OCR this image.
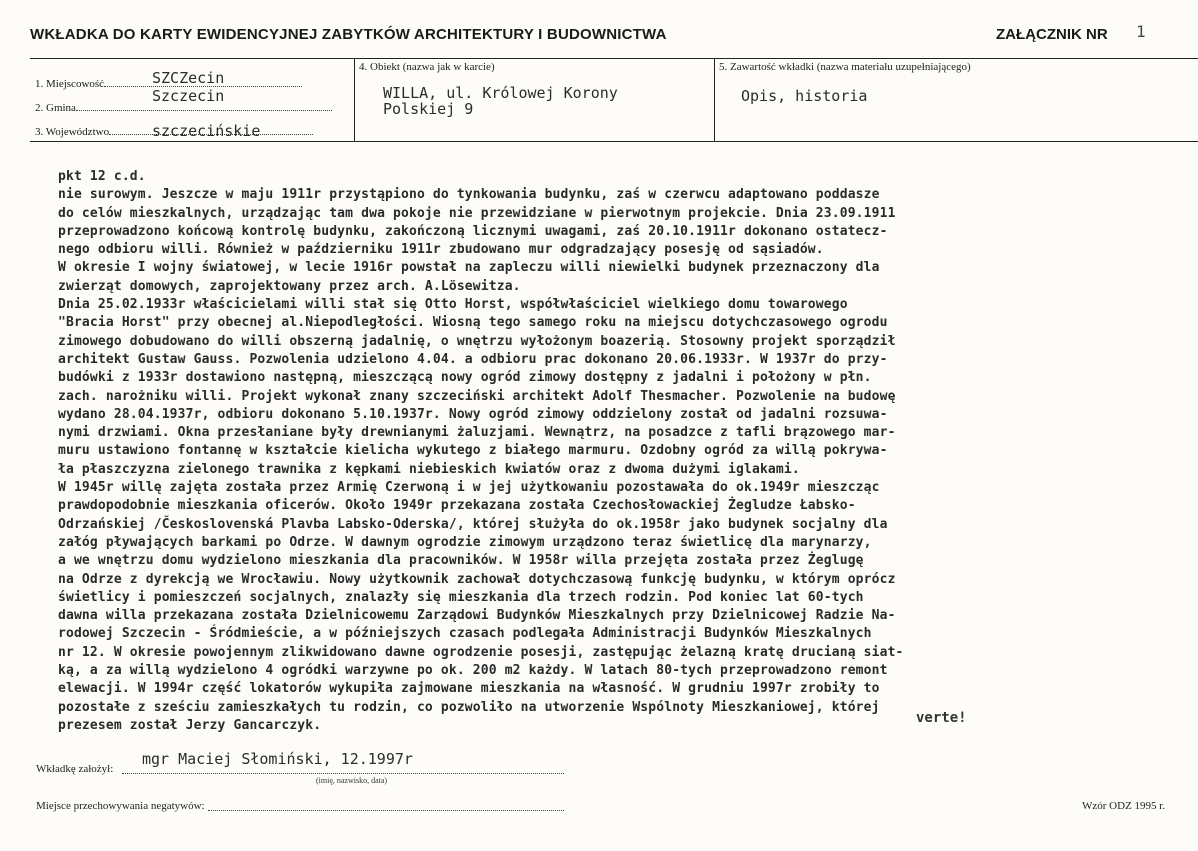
WKŁADKA DO KARTY EWIDENCYJNEJ ZABYTKÓW ARCHITEKTURY I BUDOWNICTWA	ZAŁĄCZNIK NR 1
1. Miejscowość	SZCZecin
2. Gmina
Szczecin
3. Województwo	szczecińskie
4. Obiekt (nazwa jak w karcie)
WILLA, ul. Królowej Korony
Polskiej 9
5. Zawartość wkładki (nazwa materiału uzupełniającego)
Opis, historia

pkt 12 c.d.

nie surowym. Jeszcze w maju 1911r przystąpiono do tynkowania budynku, zaś w czerwcu adaptowano poddasze

do celów mieszkalnych, urządzając tam dwa pokoje nie przewidziane w pierwotnym projekcie. Dnia 23.09.1911

przeprowadzono końcową kontrolę budynku, zakończoną licznymi uwagami, zaś 20.10.1911r dokonano ostatecz-

nego odbioru willi. Również w październiku 1911r zbudowano mur odgradzający posesję od sąsiadów.

W okresie I wojny światowej, w lecie 1916r powstał na zapleczu willi niewielki budynek przeznaczony dla

zwierząt domowych, zaprojektowany przez arch. A.Lösewitza.

Dnia 25.02.1933r właścicielami willi stał się Otto Horst, współwłaściciel wielkiego domu towarowego

"Bracia Horst" przy obecnej al.Niepodległości. Wiosną tego samego roku na miejscu dotychczasowego ogrodu

zimowego dobudowano do willi obszerną jadalnię, o wnętrzu wyłożonym boazerią. Stosowny projekt sporządził

architekt Gustaw Gauss. Pozwolenia udzielono 4.04. a odbioru prac dokonano 20.06.1933r. W 1937r do przy-

budówki z 1933r dostawiono następną, mieszczącą nowy ogród zimowy dostępny z jadalni i położony w płn.

zach. narożniku willi. Projekt wykonał znany szczeciński architekt Adolf Thesmacher. Pozwolenie na budowę

wydano 28.04.1937r, odbioru dokonano 5.10.1937r. Nowy ogród zimowy oddzielony został od jadalni rozsuwa-

nymi drzwiami. Okna przesłaniane były drewnianymi żaluzjami. Wewnątrz, na posadzce z tafli brązowego mar-

muru ustawiono fontannę w kształcie kielicha wykutego z białego marmuru. Ozdobny ogród za willą pokrywa-

ła płaszczyzna zielonego trawnika z kępkami niebieskich kwiatów oraz z dwoma dużymi iglakami.

W 1945r willę zajęta została przez Armię Czerwoną i w jej użytkowaniu pozostawała do ok.1949r mieszcząc

prawdopodobnie mieszkania oficerów. Około 1949r przekazana została Czechosłowackiej Żegludze Łabsko-

Odrzańskiej /Československá Plavba Labsko-Oderska/, której służyła do ok.1958r jako budynek socjalny dla

załóg pływających barkami po Odrze. W dawnym ogrodzie zimowym urządzono teraz świetlicę dla marynarzy,

a we wnętrzu domu wydzielono mieszkania dla pracowników. W 1958r willa przejęta została przez Żeglugę

na Odrze z dyrekcją we Wrocławiu. Nowy użytkownik zachował dotychczasową funkcję budynku, w którym oprócz

świetlicy i pomieszczeń socjalnych, znalazły się mieszkania dla trzech rodzin. Pod koniec lat 60-tych

dawna willa przekazana została Dzielnicowemu Zarządowi Budynków Mieszkalnych przy Dzielnicowej Radzie Na-

rodowej Szczecin - Śródmieście, a w późniejszych czasach podlegała Administracji Budynków Mieszkalnych

nr 12. W okresie powojennym zlikwidowano dawne ogrodzenie posesji, zastępując żelazną kratę drucianą siat-

ką, a za willą wydzielono 4 ogródki warzywne po ok. 200 m2 każdy. W latach 80-tych przeprowadzono remont

elewacji. W 1994r część lokatorów wykupiła zajmowane mieszkania na własność. W grudniu 1997r zrobiły to

pozostałe z sześciu zamieszkałych tu rodzin, co pozwoliło na utworzenie Wspólnoty Mieszkaniowej, której

prezesem został Jerzy Gancarczyk.	verte!
Wkładkę założył:
mgr Maciej Słomiński, 12.1997r
(imię, nazwisko, data)
Miejsce przechowywania negatywów:	Wzór ODZ 1995 r.
